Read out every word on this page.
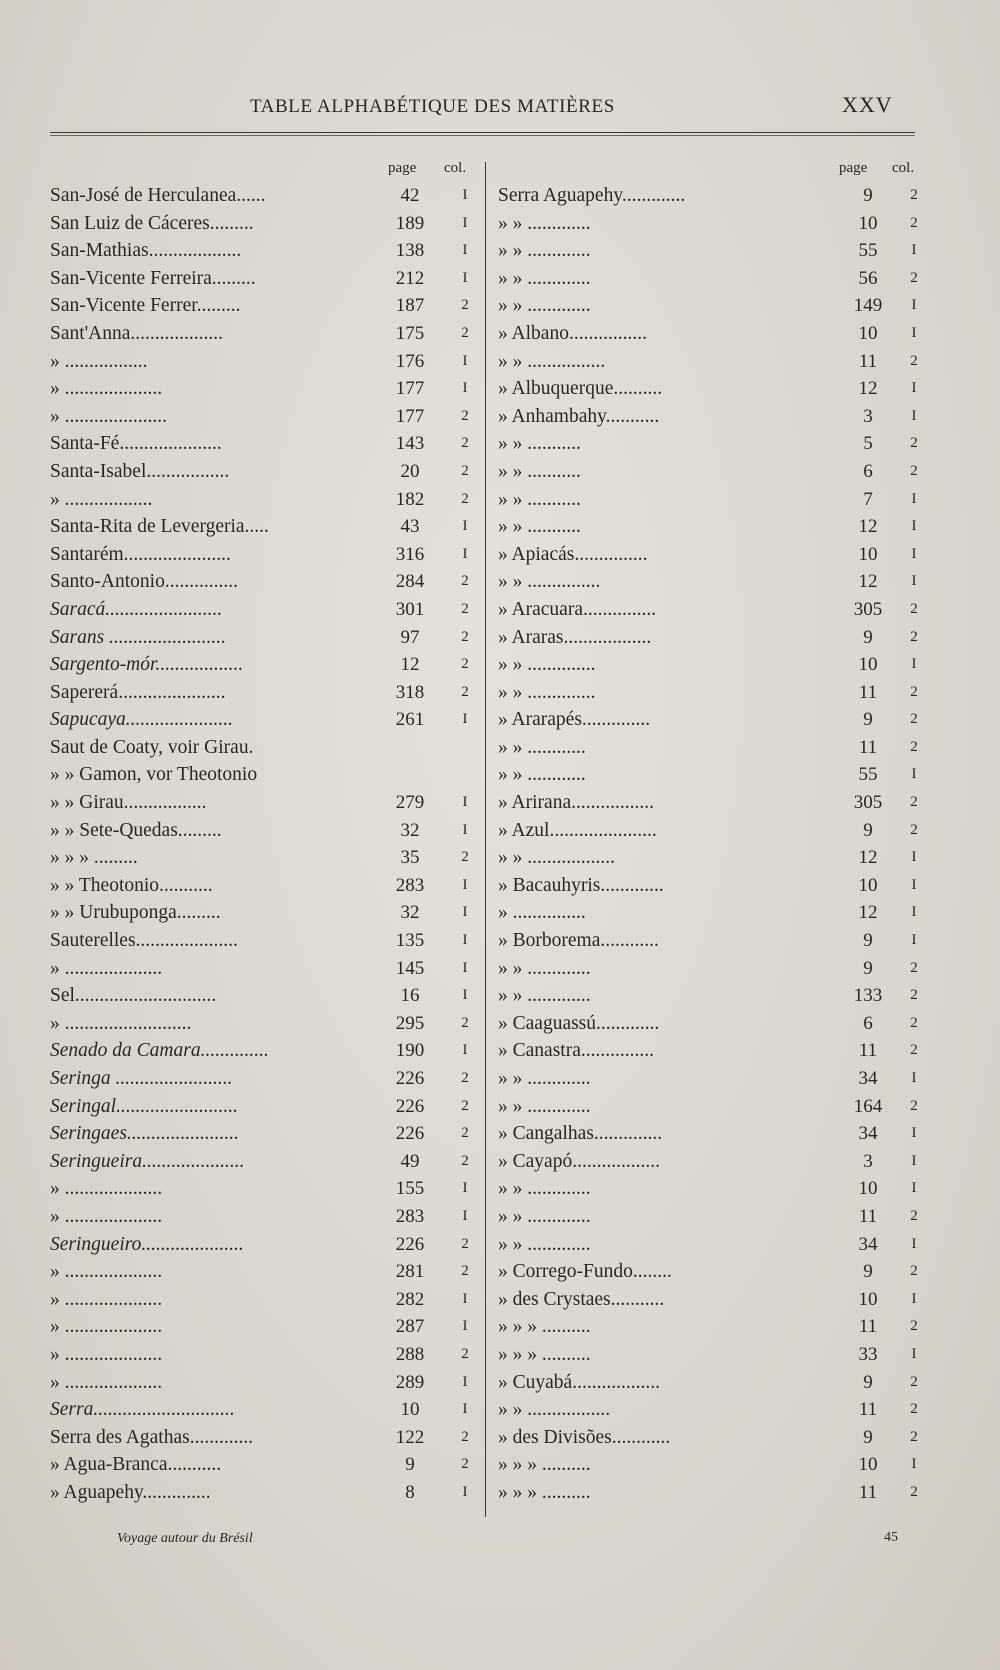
TABLE ALPHABÉTIQUE DES MATIÈRES	XXV
page col.
San-José de Herculanea......	42	I
San Luiz de Cáceres.........	189	I
San-Mathias...................	138	I
San-Vicente Ferreira.........	212	I
San-Vicente Ferrer.........	187	2
Sant'Anna...................	175	2
» .................	176	I
» ....................	177	I
» .....................	177	2
Santa-Fé.....................	143	2
Santa-Isabel.................	20	2
» ..................	182	2
Santa-Rita de Levergeria.....	43	I
Santarém......................	316	I
Santo-Antonio...............	284	2
Saracá........................	301	2
Sarans ........................	97	2
Sargento-mór..................	12	2
Sapererá......................	318	2
Sapucaya......................	261	I
Saut de Coaty, voir Girau.
» » Gamon, vor Theotonio
» » Girau.................	279	I
» » Sete-Quedas.........	32	I
» » » .........	35	2
» » Theotonio...........	283	I
» » Urubuponga.........	32	I
Sauterelles.....................	135	I
» ....................	145	I
Sel.............................	16	I
» ..........................	295	2
Senado da Camara..............	190	I
Seringa ........................	226	2
Seringal.........................	226	2
Seringaes.......................	226	2
Seringueira.....................	49	2
» ....................	155	I
» ....................	283	I
Seringueiro.....................	226	2
» ....................	281	2
» ....................	282	I
» ....................	287	I
» ....................	288	2
» ....................	289	I
Serra.............................	10	I
Serra des Agathas.............	122	2
» Agua-Branca...........	9	2
» Aguapehy..............	8	I
page col.
Serra Aguapehy.............	9	2
» » .............	10	2
» » .............	55	I
» » .............	56	2
» » .............	149	I
» Albano................	10	I
» » ................	11	2
» Albuquerque..........	12	I
» Anhambahy...........	3	I
» » ...........	5	2
» » ...........	6	2
» » ...........	7	I
» » ...........	12	I
» Apiacás...............	10	I
» » ...............	12	I
» Aracuara...............	305	2
» Araras..................	9	2
» » ..............	10	I
» » ..............	11	2
» Ararapés..............	9	2
» » ............	11	2
» » ............	55	I
» Arirana.................	305	2
» Azul......................	9	2
» » ..................	12	I
» Bacauhyris.............	10	I
» ...............	12	I
» Borborema............	9	I
» » .............	9	2
» » .............	133	2
» Caaguassú.............	6	2
» Canastra...............	11	2
» » .............	34	I
» » .............	164	2
» Cangalhas..............	34	I
» Cayapó..................	3	I
» » .............	10	I
» » .............	11	2
» » .............	34	I
» Corrego-Fundo........	9	2
» des Crystaes...........	10	I
» » » ..........	11	2
» » » ..........	33	I
» Cuyabá..................	9	2
» » .................	11	2
» des Divisões............	9	2
» » » ..........	10	I
» » » ..........	11	2
Voyage autour du Brésil	45
